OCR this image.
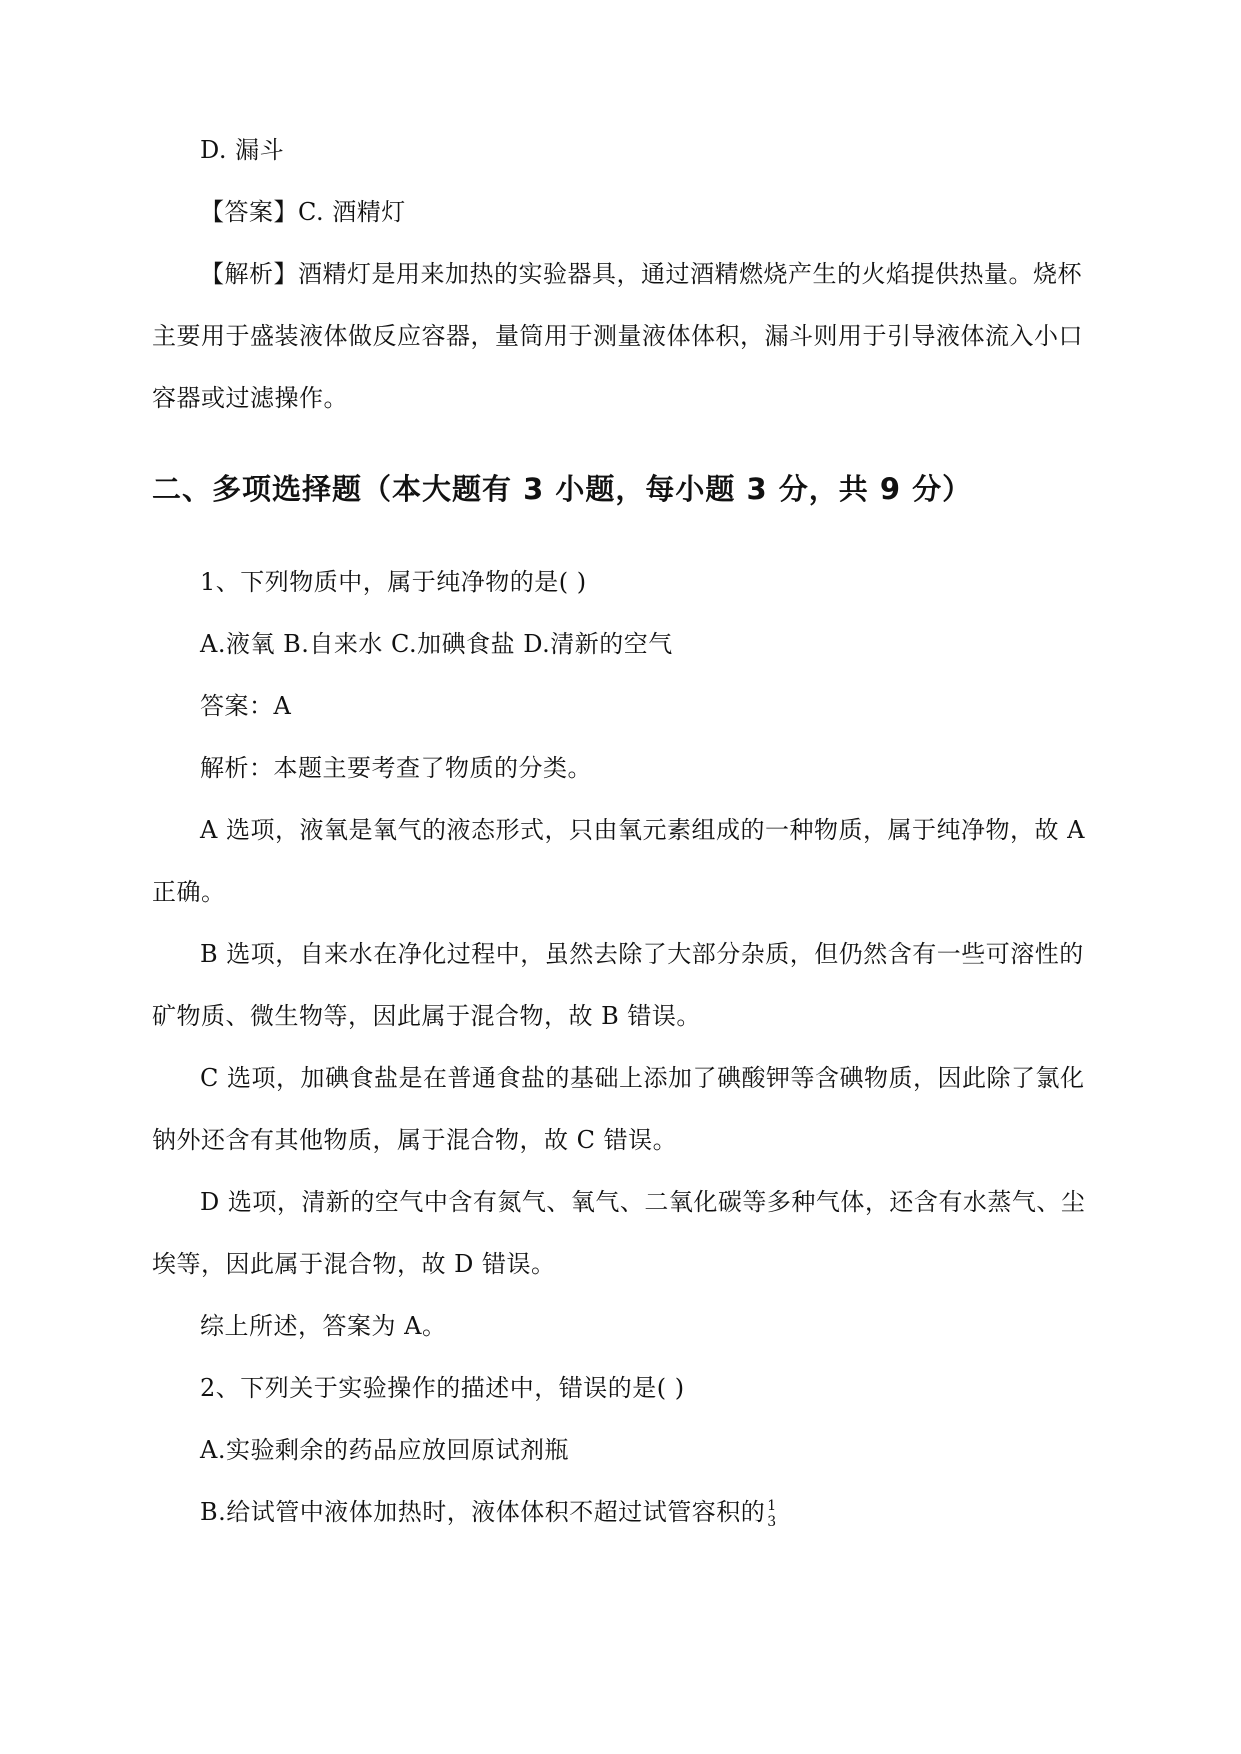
D. 漏斗
【答案】C. 酒精灯
【解析】酒精灯是用来加热的实验器具，通过酒精燃烧产生的火焰提供热量。烧杯
主要用于盛装液体做反应容器，量筒用于测量液体体积，漏斗则用于引导液体流入小口
容器或过滤操作。
二、多项选择题（本大题有 3 小题，每小题 3 分，共 9 分）
1、下列物质中，属于纯净物的是( )
A.液氧 B.自来水 C.加碘食盐 D.清新的空气
答案：A
解析：本题主要考查了物质的分类。
A 选项，液氧是氧气的液态形式，只由氧元素组成的一种物质，属于纯净物，故 A
正确。
B 选项，自来水在净化过程中，虽然去除了大部分杂质，但仍然含有一些可溶性的
矿物质、微生物等，因此属于混合物，故 B 错误。
C 选项，加碘食盐是在普通食盐的基础上添加了碘酸钾等含碘物质，因此除了氯化
钠外还含有其他物质，属于混合物，故 C 错误。
D 选项，清新的空气中含有氮气、氧气、二氧化碳等多种气体，还含有水蒸气、尘
埃等，因此属于混合物，故 D 错误。
综上所述，答案为 A。
2、下列关于实验操作的描述中，错误的是( )
A.实验剩余的药品应放回原试剂瓶
B.给试管中液体加热时，液体体积不超过试管容积的 1
3
